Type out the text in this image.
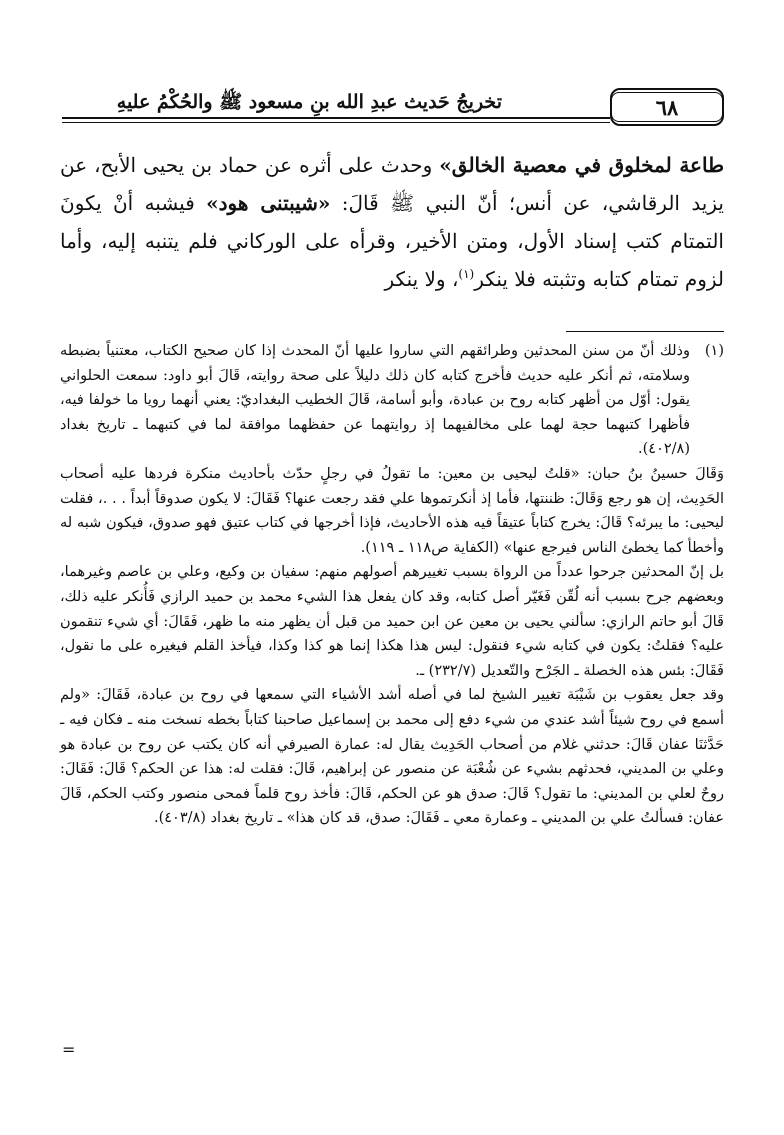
تخريجُ حَديث عبدِ الله بنِ مسعود ﷺ والحُكْمُ عليهِ	٦٨

طاعة لمخلوق في معصية الخالق» وحدث على أثره عن حماد بن يحيى الأبح، عن يزيد الرقاشي، عن أنس؛ أنّ النبي ﷺ قَالَ: «شيبتنى هود» فيشبه أنْ يكونَ التمتام كتب إسناد الأول، ومتن الأخير، وقرأه على الوركاني فلم يتنبه إليه، وأما لزوم تمتام كتابه وتثبته فلا ينكر$^{(١)}$، ولا ينكر

(١)
وذلك أنّ من سنن المحدثين وطرائقهم التي ساروا عليها أنّ المحدث إذا كان صحيح الكتاب، معتنياً بضبطه وسلامته، ثم أنكر عليه حديث فأخرج كتابه كان ذلك دليلاً على صحة روايته، قَالَ أبو داود: سمعت الحلواني يقول: أوّل من أظهر كتابه روح بن عبادة، وأبو أسامة، قَالَ الخطيب البغداديّ: يعني أنهما رويا ما خولفا فيه، فأظهرا كتبهما حجة لهما على مخالفيهما إذ روايتهما عن حفظهما موافقة لما في كتبهما ـ تاريخ بغداد (٤٠٢/٨).

وَقَالَ حسينُ بنُ حبان: «قلتُ ليحيى بن معين: ما تقولُ في رجلٍ حدّث بأحاديث منكرة فردها عليه أصحاب الحَدِيث، إن هو رجع وَقَالَ: ظننتها، فأما إذ أنكرتموها علي فقد رجعت عنها؟ فَقَالَ: لا يكون صدوقاً أبداً . . .، فقلت ليحيى: ما يبرئه؟ قَالَ: يخرج كتاباً عتيقاً فيه هذه الأحاديث، فإذا أخرجها في كتاب عتيق فهو صدوق، فيكون شبه له وأخطأ كما يخطئ الناس فيرجع عنها» (الكفاية ص١١٨ ـ ١١٩).

بل إنّ المحدثين جرحوا عدداً من الرواة بسبب تغييرهم أصولهم منهم: سفيان بن وكيع، وعلي بن عاصم وغيرهما، وبعضهم جرح بسبب أنه لُقّن فَغَيّر أصل كتابه، وقد كان يفعل هذا الشيء محمد بن حميد الرازي فَأُنكر عليه ذلك، قَالَ أبو حاتم الرازي: سألني يحيى بن معين عن ابن حميد من قبل أن يظهر منه ما ظهر، فَقَالَ: أي شيء تنقمون عليه؟ فقلتُ: يكون في كتابه شيء فنقول: ليس هذا هكذا إنما هو كذا وكذا، فيأخذ القلم فيغيره على ما نقول، فَقَالَ: بئس هذه الخصلة ـ الجَرْح والتّعديل (٢٣٢/٧) ـ.

وقد جعل يعقوب بن شَيْبَة تغيير الشيخ لما في أصله أشد الأشياء التي سمعها في روح بن عبادة، فَقَالَ: «ولم أسمع في روح شيئاً أشد عندي من شيء دفع إلى محمد بن إسماعيل صاحبنا كتاباً بخطه نسخت منه ـ فكان فيه ـ حَدَّثنَا عفان قَالَ: حدثني غلام من أصحاب الحَدِيث يقال له: عمارة الصيرفي أنه كان يكتب عن روح بن عبادة هو وعلي بن المديني، فحدثهم بشيء عن شُعْبَة عن منصور عن إبراهيم، قَالَ: فقلت له: هذا عن الحكم؟ قَالَ: فَقَالَ: روحٌ لعلي بن المديني: ما تقول؟ قَالَ: صدق هو عن الحكم، قَالَ: فأخذ روح قلماً فمحى منصور وكتب الحكم، قَالَ عفان: فسألتُ علي بن المديني ـ وعمارة معي ـ فَقَالَ: صدق، قد كان هذا» ـ تاريخ بغداد (٤٠٣/٨).

=
